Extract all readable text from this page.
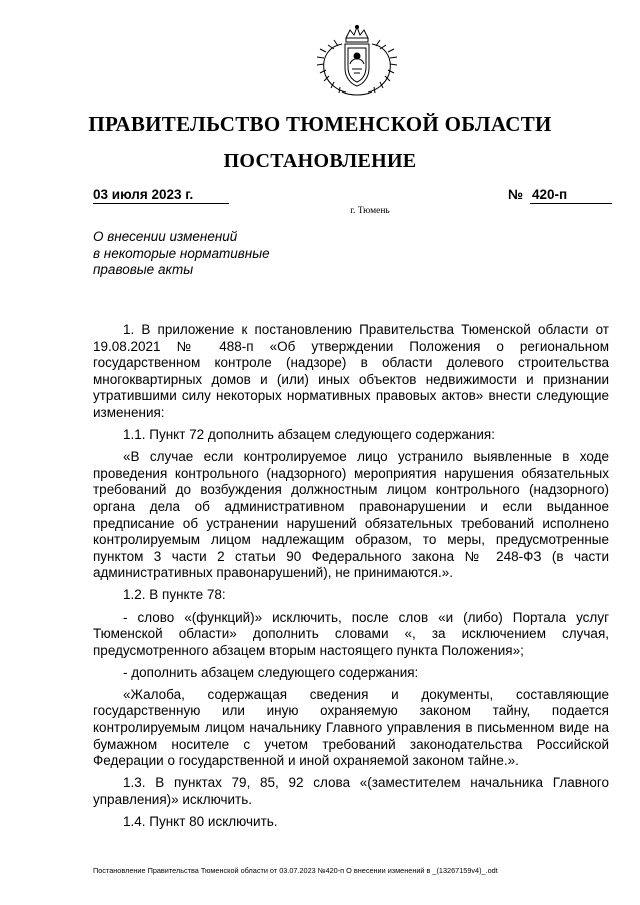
ПРАВИТЕЛЬСТВО ТЮМЕНСКОЙ ОБЛАСТИ
ПОСТАНОВЛЕНИЕ
03 июля 2023 г.	№ 420-п
г. Тюмень
О внесении изменений
в некоторые нормативные
правовые акты

1. В приложение к постановлению Правительства Тюменской области от 19.08.2021 № 488-п «Об утверждении Положения о региональном государственном контроле (надзоре) в области долевого строительства многоквартирных домов и (или) иных объектов недвижимости и признании утратившими силу некоторых нормативных правовых актов» внести следующие изменения:

1.1. Пункт 72 дополнить абзацем следующего содержания:

«В случае если контролируемое лицо устранило выявленные в ходе проведения контрольного (надзорного) мероприятия нарушения обязательных требований до возбуждения должностным лицом контрольного (надзорного) органа дела об административном правонарушении и если выданное предписание об устранении нарушений обязательных требований исполнено контролируемым лицом надлежащим образом, то меры, предусмотренные пунктом 3 части 2 статьи 90 Федерального закона № 248-ФЗ (в части административных правонарушений), не принимаются.».

1.2. В пункте 78:

- слово «(функций)» исключить, после слов «и (либо) Портала услуг Тюменской области» дополнить словами «, за исключением случая, предусмотренного абзацем вторым настоящего пункта Положения»;

- дополнить абзацем следующего содержания:

«Жалоба, содержащая сведения и документы, составляющие государственную или иную охраняемую законом тайну, подается контролируемым лицом начальнику Главного управления в письменном виде на бумажном носителе с учетом требований законодательства Российской Федерации о государственной и иной охраняемой законом тайне.».

1.3. В пунктах 79, 85, 92 слова «(заместителем начальника Главного управления)» исключить.

1.4. Пункт 80 исключить.

Постановление Правительства Тюменской области от 03.07.2023 №420-п О внесении изменений в _(13267159v4)_.odt
